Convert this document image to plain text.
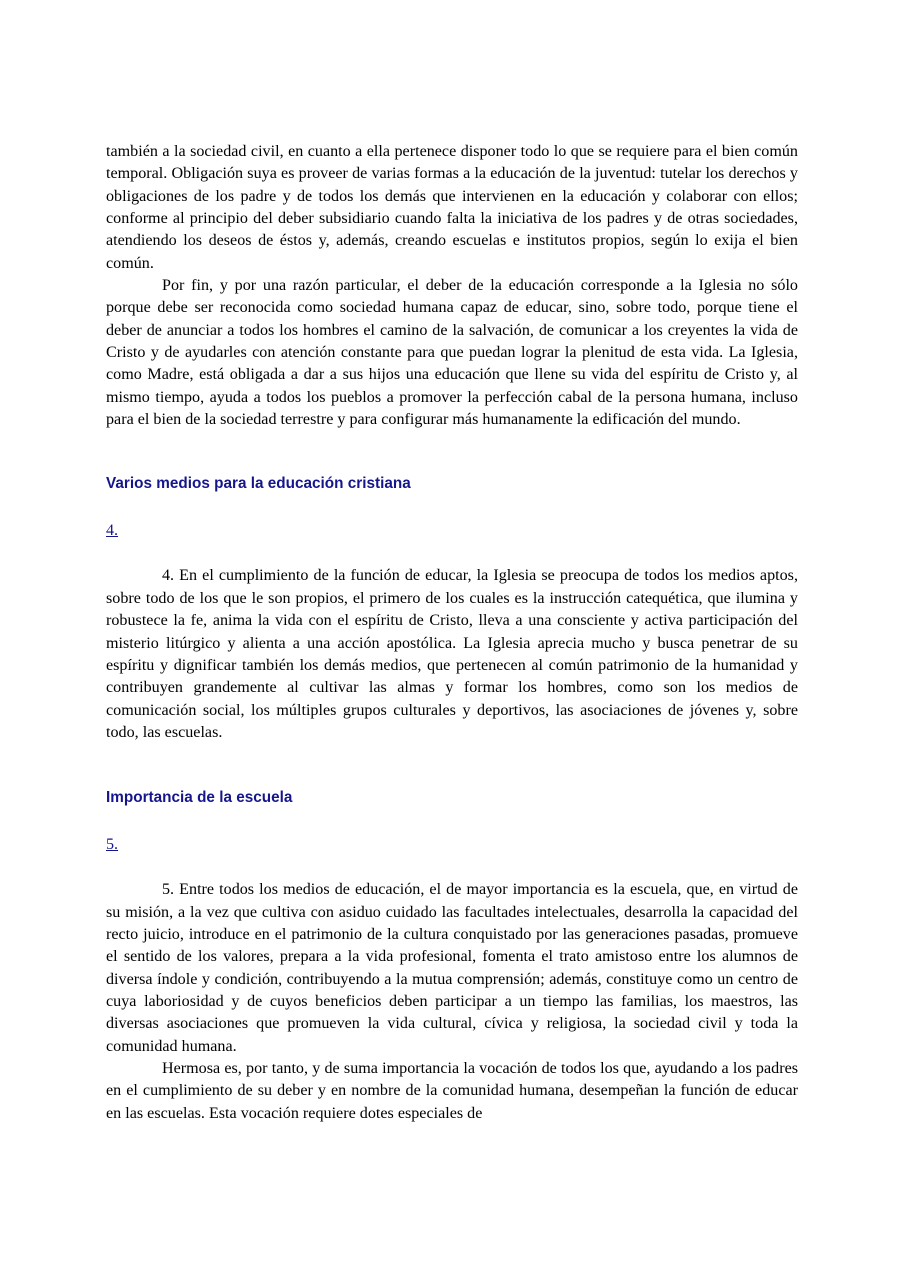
también a la sociedad civil, en cuanto a ella pertenece disponer todo lo que se requiere para el bien común temporal. Obligación suya es proveer de varias formas a la educación de la juventud: tutelar los derechos y obligaciones de los padre y de todos los demás que intervienen en la educación y colaborar con ellos; conforme al principio del deber subsidiario cuando falta la iniciativa de los padres y de otras sociedades, atendiendo los deseos de éstos y, además, creando escuelas e institutos propios, según lo exija el bien común.

Por fin, y por una razón particular, el deber de la educación corresponde a la Iglesia no sólo porque debe ser reconocida como sociedad humana capaz de educar, sino, sobre todo, porque tiene el deber de anunciar a todos los hombres el camino de la salvación, de comunicar a los creyentes la vida de Cristo y de ayudarles con atención constante para que puedan lograr la plenitud de esta vida. La Iglesia, como Madre, está obligada a dar a sus hijos una educación que llene su vida del espíritu de Cristo y, al mismo tiempo, ayuda a todos los pueblos a promover la perfección cabal de la persona humana, incluso para el bien de la sociedad terrestre y para configurar más humanamente la edificación del mundo.

Varios medios para la educación cristiana
4.

4. En el cumplimiento de la función de educar, la Iglesia se preocupa de todos los medios aptos, sobre todo de los que le son propios, el primero de los cuales es la instrucción catequética, que ilumina y robustece la fe, anima la vida con el espíritu de Cristo, lleva a una consciente y activa participación del misterio litúrgico y alienta a una acción apostólica. La Iglesia aprecia mucho y busca penetrar de su espíritu y dignificar también los demás medios, que pertenecen al común patrimonio de la humanidad y contribuyen grandemente al cultivar las almas y formar los hombres, como son los medios de comunicación social, los múltiples grupos culturales y deportivos, las asociaciones de jóvenes y, sobre todo, las escuelas.

Importancia de la escuela
5.

5. Entre todos los medios de educación, el de mayor importancia es la escuela, que, en virtud de su misión, a la vez que cultiva con asiduo cuidado las facultades intelectuales, desarrolla la capacidad del recto juicio, introduce en el patrimonio de la cultura conquistado por las generaciones pasadas, promueve el sentido de los valores, prepara a la vida profesional, fomenta el trato amistoso entre los alumnos de diversa índole y condición, contribuyendo a la mutua comprensión; además, constituye como un centro de cuya laboriosidad y de cuyos beneficios deben participar a un tiempo las familias, los maestros, las diversas asociaciones que promueven la vida cultural, cívica y religiosa, la sociedad civil y toda la comunidad humana.

Hermosa es, por tanto, y de suma importancia la vocación de todos los que, ayudando a los padres en el cumplimiento de su deber y en nombre de la comunidad humana, desempeñan la función de educar en las escuelas. Esta vocación requiere dotes especiales de
